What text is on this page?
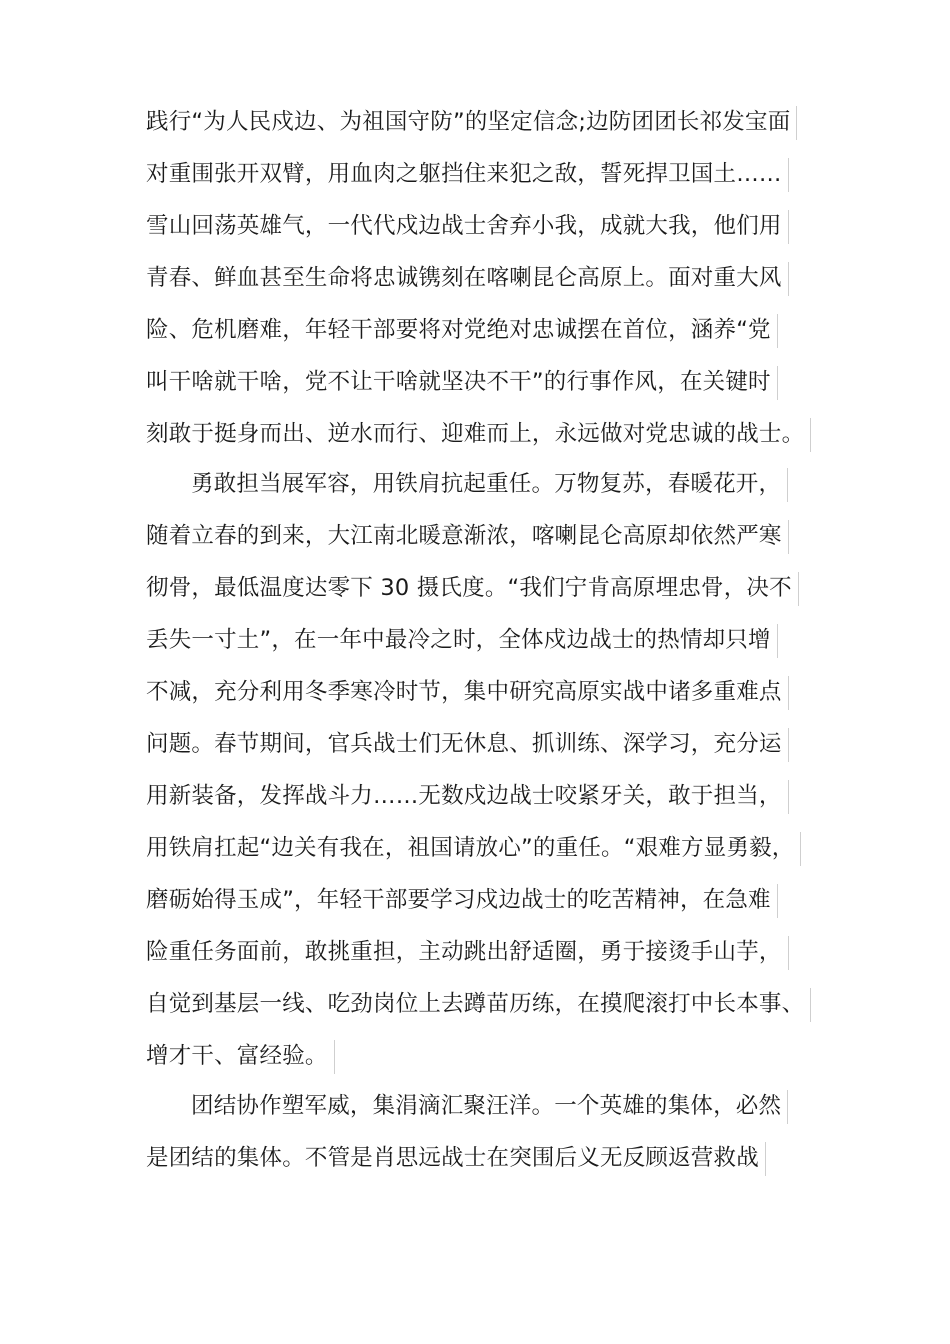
践行“为人民戍边、为祖国守防”的坚定信念;边防团团长祁发宝面
对重围张开双臂，用血肉之躯挡住来犯之敌，誓死捍卫国土……
雪山回荡英雄气，一代代戍边战士舍弃小我，成就大我，他们用
青春、鲜血甚至生命将忠诚镌刻在喀喇昆仑高原上。面对重大风
险、危机磨难，年轻干部要将对党绝对忠诚摆在首位，涵养“党
叫干啥就干啥，党不让干啥就坚决不干”的行事作风，在关键时
刻敢于挺身而出、逆水而行、迎难而上，永远做对党忠诚的战士。
勇敢担当展军容，用铁肩抗起重任。万物复苏，春暖花开，
随着立春的到来，大江南北暖意渐浓，喀喇昆仑高原却依然严寒
彻骨，最低温度达零下 30 摄氏度。“我们宁肯高原埋忠骨，决不
丢失一寸土”，在一年中最冷之时，全体戍边战士的热情却只增
不减，充分利用冬季寒冷时节，集中研究高原实战中诸多重难点
问题。春节期间，官兵战士们无休息、抓训练、深学习，充分运
用新装备，发挥战斗力……无数戍边战士咬紧牙关，敢于担当，
用铁肩扛起“边关有我在，祖国请放心”的重任。“艰难方显勇毅，
磨砺始得玉成”，年轻干部要学习戍边战士的吃苦精神，在急难
险重任务面前，敢挑重担，主动跳出舒适圈，勇于接烫手山芋，
自觉到基层一线、吃劲岗位上去蹲苗历练，在摸爬滚打中长本事、
增才干、富经验。
团结协作塑军威，集涓滴汇聚汪洋。一个英雄的集体，必然
是团结的集体。不管是肖思远战士在突围后义无反顾返营救战
